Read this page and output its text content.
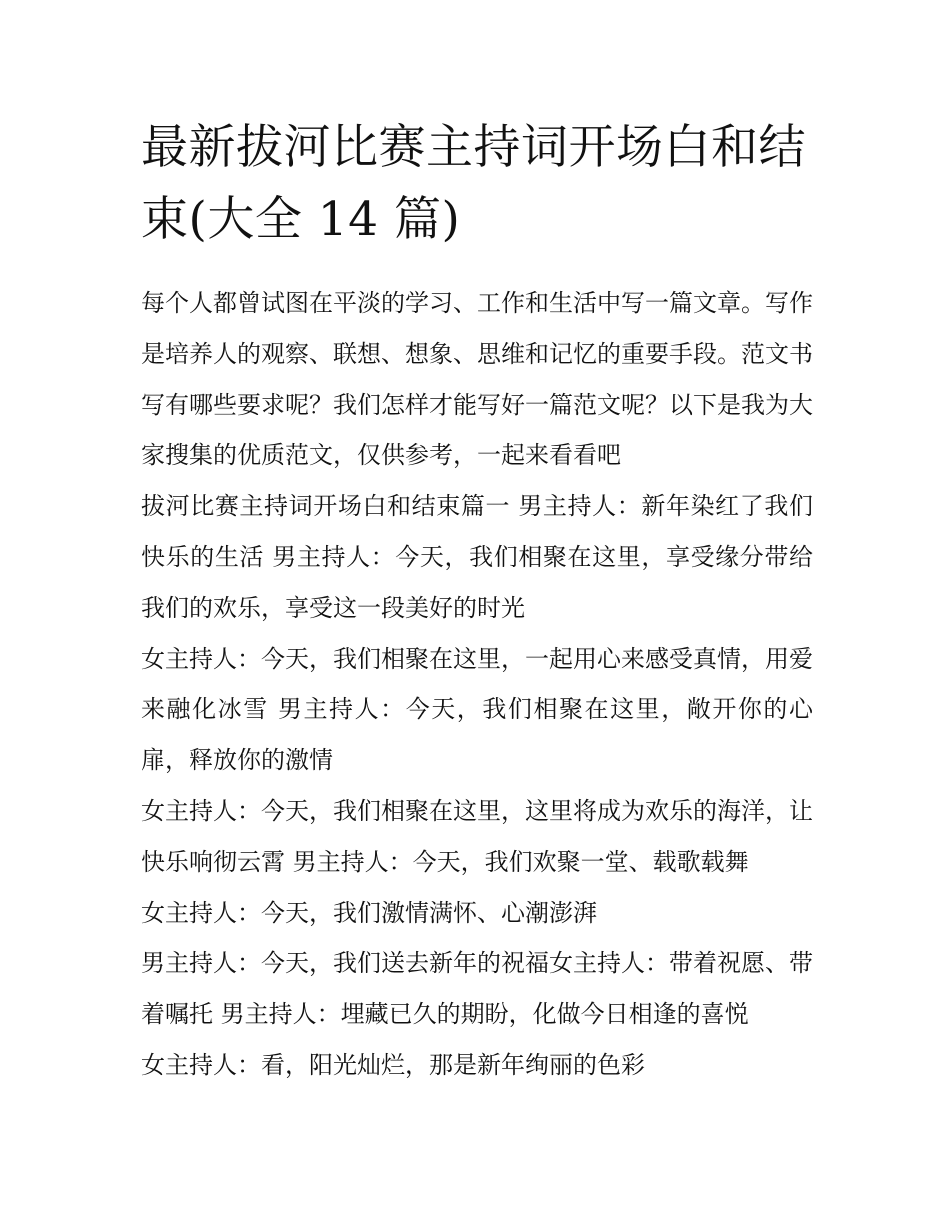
最新拔河比赛主持词开场白和结束(大全 14 篇)

每个人都曾试图在平淡的学习、工作和生活中写一篇文章。写作是培养人的观察、联想、想象、思维和记忆的重要手段。范文书写有哪些要求呢？我们怎样才能写好一篇范文呢？以下是我为大家搜集的优质范文，仅供参考，一起来看看吧

拔河比赛主持词开场白和结束篇一 男主持人：新年染红了我们快乐的生活 男主持人：今天，我们相聚在这里，享受缘分带给我们的欢乐，享受这一段美好的时光

女主持人：今天，我们相聚在这里，一起用心来感受真情，用爱来融化冰雪 男主持人：今天，我们相聚在这里，敞开你的心扉，释放你的激情

女主持人：今天，我们相聚在这里，这里将成为欢乐的海洋，让快乐响彻云霄 男主持人：今天，我们欢聚一堂、载歌载舞

女主持人：今天，我们激情满怀、心潮澎湃

男主持人：今天，我们送去新年的祝福女主持人：带着祝愿、带着嘱托 男主持人：埋藏已久的期盼，化做今日相逢的喜悦

女主持人：看，阳光灿烂，那是新年绚丽的色彩
